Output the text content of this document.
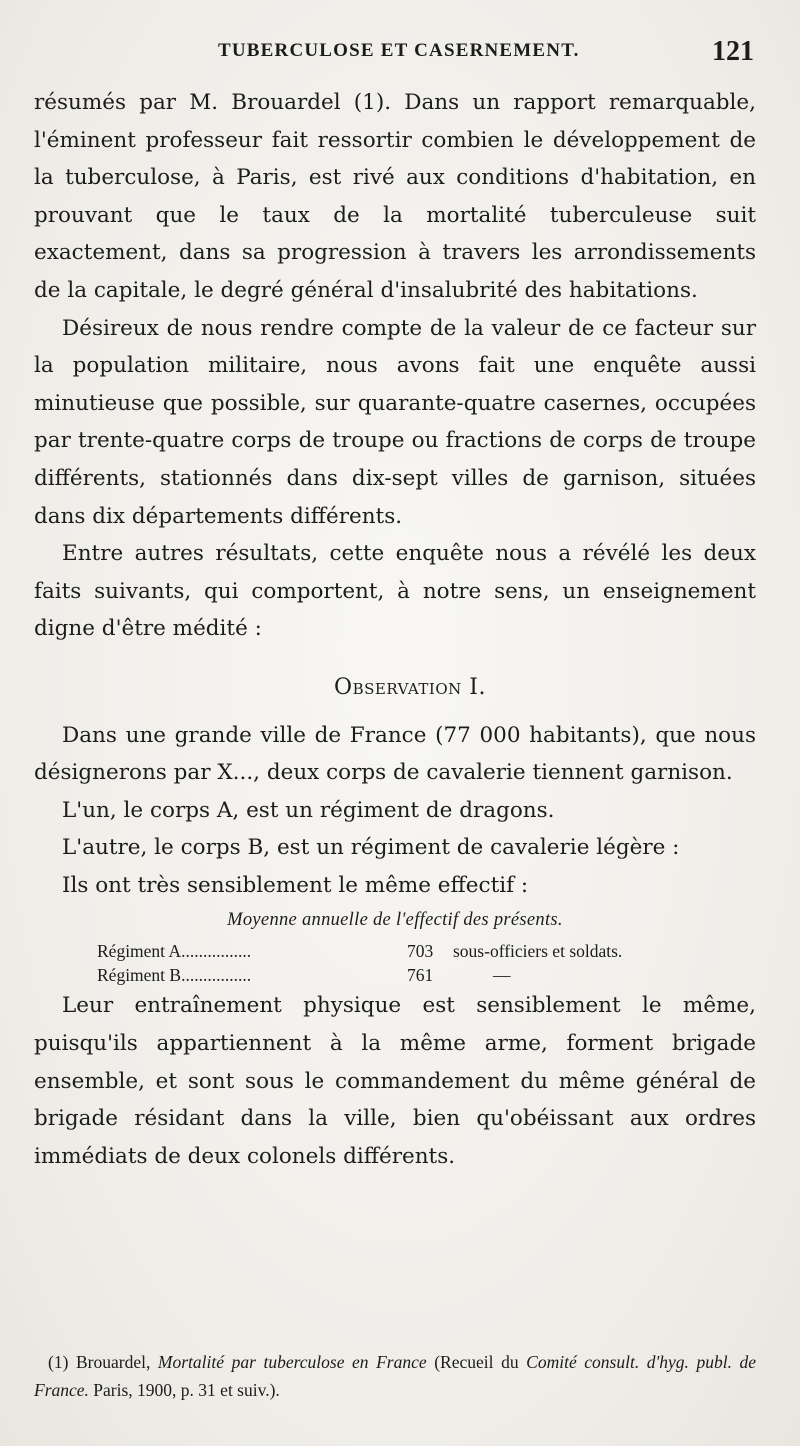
TUBERCULOSE ET CASERNEMENT.	121

résumés par M. Brouardel (1). Dans un rapport remarquable, l'éminent professeur fait ressortir combien le développement de la tuberculose, à Paris, est rivé aux conditions d'habitation, en prouvant que le taux de la mortalité tuberculeuse suit exactement, dans sa progression à travers les arrondissements de la capitale, le degré général d'insalubrité des habitations.

Désireux de nous rendre compte de la valeur de ce facteur sur la population militaire, nous avons fait une enquête aussi minutieuse que possible, sur quarante-quatre casernes, occupées par trente-quatre corps de troupe ou fractions de corps de troupe différents, stationnés dans dix-sept villes de garnison, situées dans dix départements différents.

Entre autres résultats, cette enquête nous a révélé les deux faits suivants, qui comportent, à notre sens, un enseignement digne d'être médité :

Observation I.

Dans une grande ville de France (77 000 habitants), que nous désignerons par X..., deux corps de cavalerie tiennent garnison.

L'un, le corps A, est un régiment de dragons.

L'autre, le corps B, est un régiment de cavalerie légère :

Ils ont très sensiblement le même effectif :

Moyenne annuelle de l'effectif des présents.
Régiment A................	703	sous-officiers et soldats.
Régiment B................	761	—

Leur entraînement physique est sensiblement le même, puisqu'ils appartiennent à la même arme, forment brigade ensemble, et sont sous le commandement du même général de brigade résidant dans la ville, bien qu'obéissant aux ordres immédiats de deux colonels différents.

(1) Brouardel, Mortalité par tuberculose en France (Recueil du Comité consult. d'hyg. publ. de France. Paris, 1900, p. 31 et suiv.).
